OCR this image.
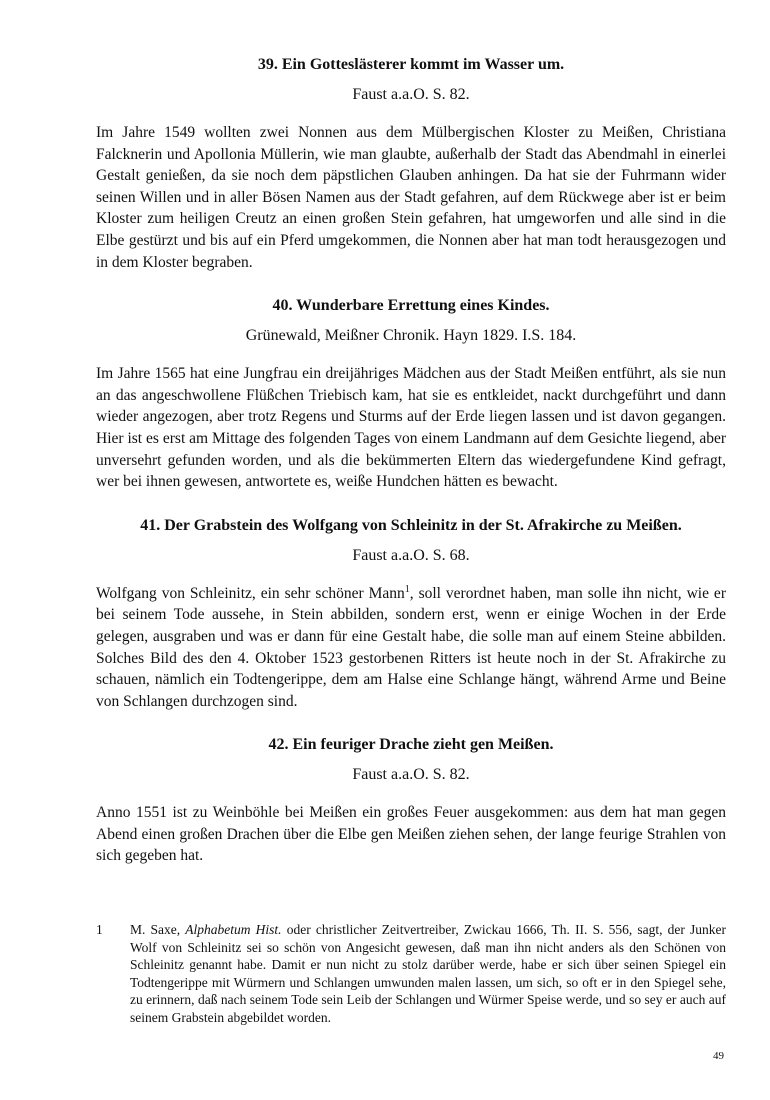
39. Ein Gotteslästerer kommt im Wasser um.

Faust a.a.O. S. 82.

Im Jahre 1549 wollten zwei Nonnen aus dem Mülbergischen Kloster zu Meißen, Christiana Falcknerin und Apollonia Müllerin, wie man glaubte, außerhalb der Stadt das Abendmahl in einerlei Gestalt genießen, da sie noch dem päpstlichen Glauben anhingen. Da hat sie der Fuhrmann wider seinen Willen und in aller Bösen Namen aus der Stadt gefahren, auf dem Rückwege aber ist er beim Kloster zum heiligen Creutz an einen großen Stein gefahren, hat umgeworfen und alle sind in die Elbe gestürzt und bis auf ein Pferd umgekommen, die Nonnen aber hat man todt herausgezogen und in dem Kloster begraben.

40. Wunderbare Errettung eines Kindes.

Grünewald, Meißner Chronik. Hayn 1829. I.S. 184.

Im Jahre 1565 hat eine Jungfrau ein dreijähriges Mädchen aus der Stadt Meißen entführt, als sie nun an das angeschwollene Flüßchen Triebisch kam, hat sie es entkleidet, nackt durchgeführt und dann wieder angezogen, aber trotz Regens und Sturms auf der Erde liegen lassen und ist davon gegangen. Hier ist es erst am Mittage des folgenden Tages von einem Landmann auf dem Gesichte liegend, aber unversehrt gefunden worden, und als die bekümmerten Eltern das wiedergefundene Kind gefragt, wer bei ihnen gewesen, antwortete es, weiße Hundchen hätten es bewacht.

41. Der Grabstein des Wolfgang von Schleinitz in der St. Afrakirche zu Meißen.

Faust a.a.O. S. 68.

Wolfgang von Schleinitz, ein sehr schöner Mann$^1$, soll verordnet haben, man solle ihn nicht, wie er bei seinem Tode aussehe, in Stein abbilden, sondern erst, wenn er einige Wochen in der Erde gelegen, ausgraben und was er dann für eine Gestalt habe, die solle man auf einem Steine abbilden. Solches Bild des den 4. Oktober 1523 gestorbenen Ritters ist heute noch in der St. Afrakirche zu schauen, nämlich ein Todtengerippe, dem am Halse eine Schlange hängt, während Arme und Beine von Schlangen durchzogen sind.

42. Ein feuriger Drache zieht gen Meißen.

Faust a.a.O. S. 82.

Anno 1551 ist zu Weinböhle bei Meißen ein großes Feuer ausgekommen: aus dem hat man gegen Abend einen großen Drachen über die Elbe gen Meißen ziehen sehen, der lange feurige Strahlen von sich gegeben hat.

1	M. Saxe, Alphabetum Hist. oder christlicher Zeitvertreiber, Zwickau 1666, Th. II. S. 556, sagt, der Junker Wolf von Schleinitz sei so schön von Angesicht gewesen, daß man ihn nicht anders als den Schönen von Schleinitz genannt habe. Damit er nun nicht zu stolz darüber werde, habe er sich über seinen Spiegel ein Todtengerippe mit Würmern und Schlangen umwunden malen lassen, um sich, so oft er in den Spiegel sehe, zu erinnern, daß nach seinem Tode sein Leib der Schlangen und Würmer Speise werde, und so sey er auch auf seinem Grabstein abgebildet worden.
49
